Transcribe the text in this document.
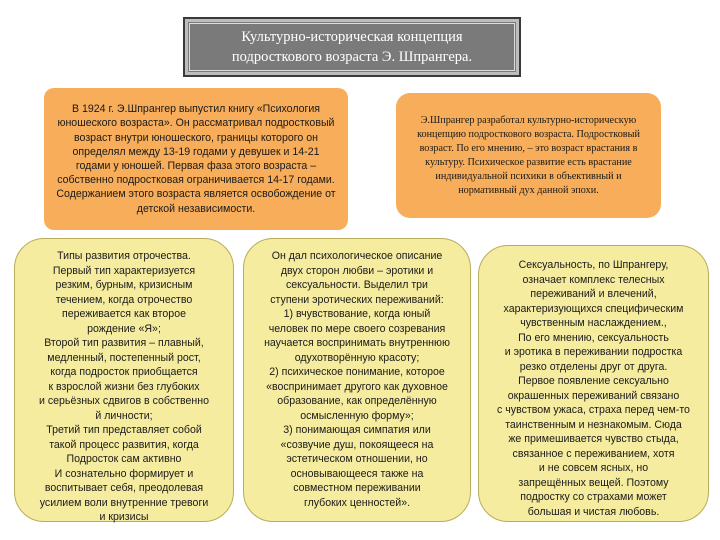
Культурно-историческая концепция
подросткового возраста Э. Шпрангера.
В 1924 г. Э.Шпрангер выпустил книгу «Психология юношеского возраста». Он рассматривал подростковый возраст внутри юношеского, границы которого он определял между 13-19 годами у девушек и 14-21 годами у юношей. Первая фаза этого возраста – собственно подростковая ограничивается 14-17 годами. Содержанием этого возраста является освобождение от детской независимости.
Э.Шпрангер разработал культурно-историческую концепцию подросткового возраста. Подростковый возраст. По его мнению, – это возраст врастания в культуру. Психическое развитие есть врастание индивидуальной психики в объективный и нормативный дух данной эпохи.
Типы развития отрочества.
Первый тип характеризуется
резким, бурным, кризисным
течением, когда отрочество
переживается как второе
рождение «Я»;
Второй тип развития – плавный,
медленный, постепенный рост,
когда подросток приобщается
к взрослой жизни без глубоких
и серьёзных сдвигов в собственно
й личности;
Третий тип представляет собой
такой процесс развития, когда
Подросток сам активно
И сознательно формирует и
воспитывает себя, преодолевая
усилием воли внутренние тревоги
и кризисы
Он дал психологическое описание
двух сторон любви – эротики и
сексуальности. Выделил три
ступени эротических переживаний:
1) вчувствование, когда юный
человек по мере своего созревания
научается воспринимать внутреннюю
одухотворённую красоту;
2) психическое понимание, которое
«воспринимает другого как духовное
образование, как определённую
осмысленную форму»;
3) понимающая симпатия или
«созвучие душ, покоящееся на
эстетическом отношении, но
основывающееся также на
совместном переживании
глубоких ценностей».
Сексуальность, по Шпрангеру,
означает комплекс телесных
переживаний и влечений,
характеризующихся специфическим
чувственным наслаждением.,
По его мнению, сексуальность
и эротика в переживании подростка
резко отделены друг от друга.
Первое появление сексуально
окрашенных переживаний связано
с чувством ужаса, страха перед чем-то
таинственным и незнакомым. Сюда
же примешивается чувство стыда,
связанное с переживанием, хотя
и не совсем ясных, но
запрещённых вещей. Поэтому
подростку со страхами может
большая и чистая любовь.
